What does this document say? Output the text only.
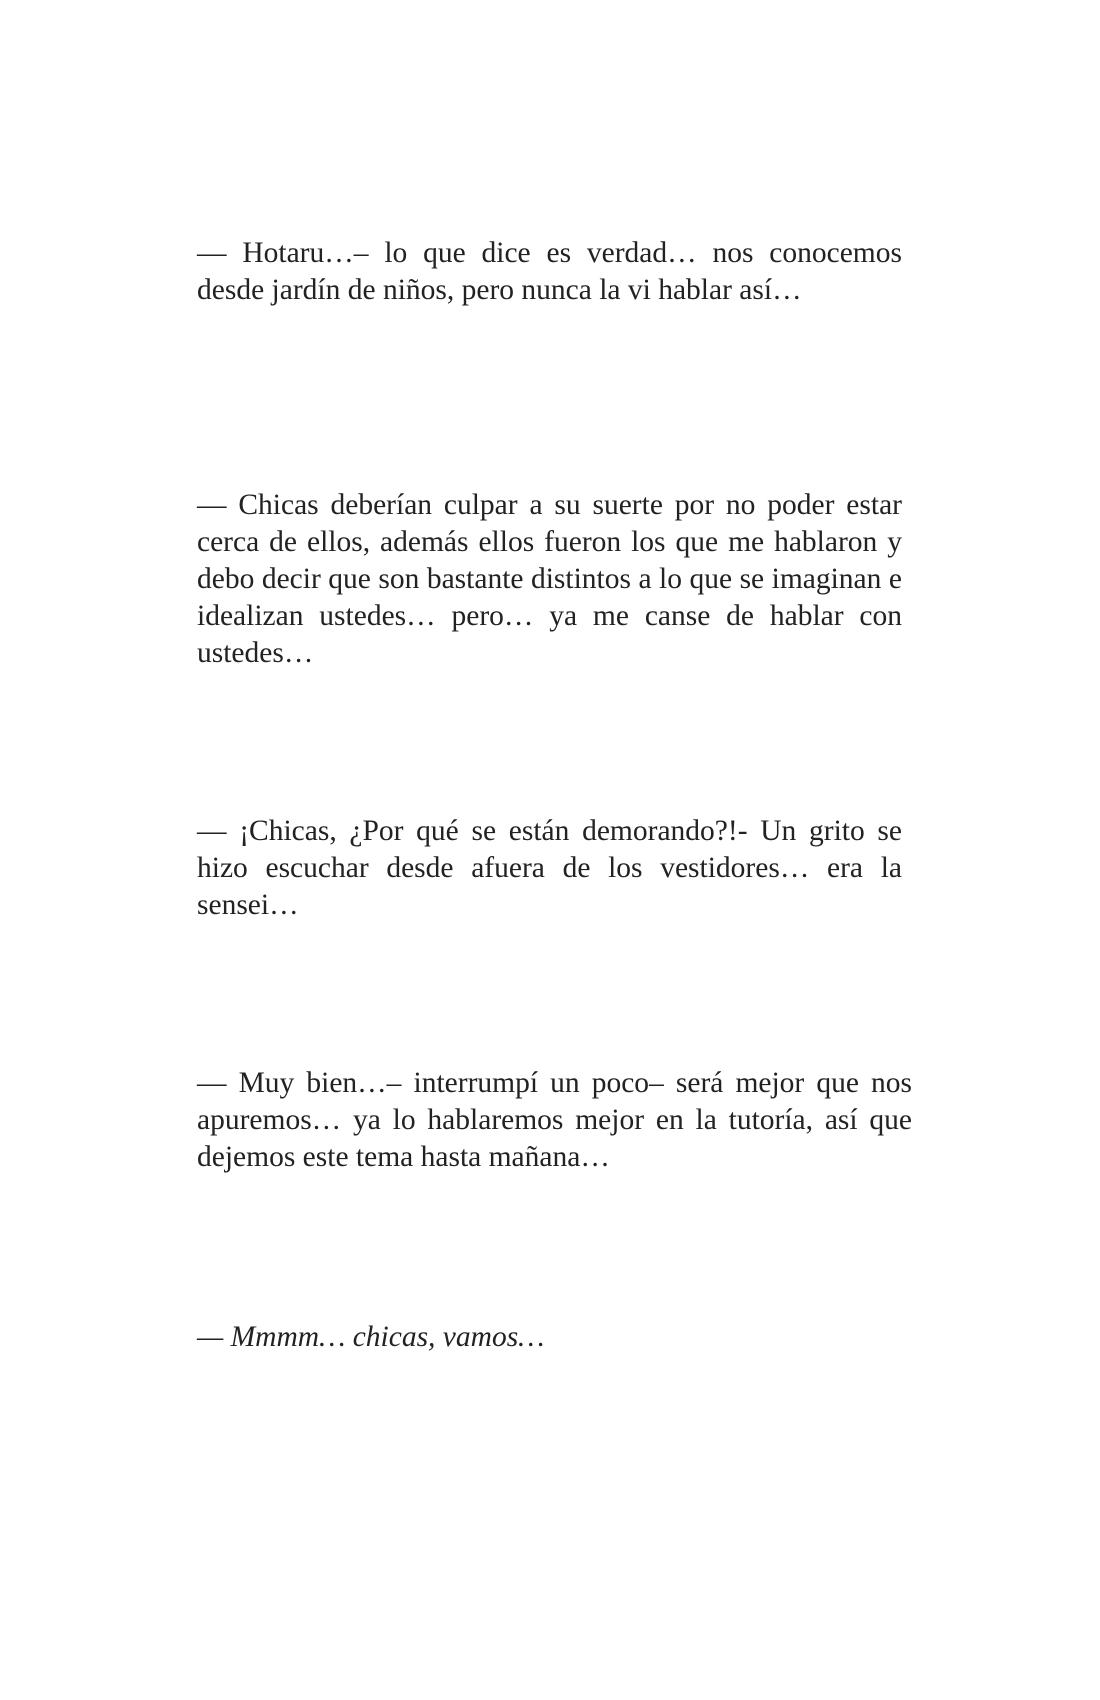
— Hotaru…– lo que dice es verdad… nos conocemos desde jardín de niños, pero nunca la vi hablar así…

— Chicas deberían culpar a su suerte por no poder estar cerca de ellos, además ellos fueron los que me hablaron y debo decir que son bastante distintos a lo que se imaginan e idealizan ustedes… pero… ya me canse de hablar con ustedes…

— ¡Chicas, ¿Por qué se están demorando?!- Un grito se hizo escuchar desde afuera de los vestidores… era la sensei…

— Muy bien…– interrumpí un poco– será mejor que nos apuremos… ya lo hablaremos mejor en la tutoría, así que dejemos este tema hasta mañana…

— Mmmm… chicas, vamos…
